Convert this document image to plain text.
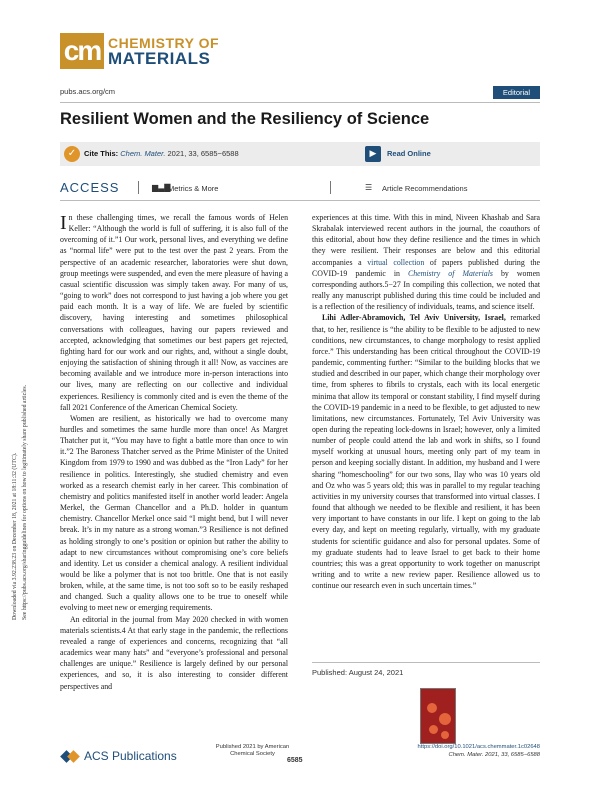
cm CHEMISTRY OF
MATERIALS
pubs.acs.org/cm	Editorial
Resilient Women and the Resiliency of Science
✓	Cite This: Chem. Mater. 2021, 33, 6585−6588	▶	Read Online
ACCESS	▆▃▇
Metrics & More	☰ Article Recommendations
Downloaded via 3.92.238.23 on December 18, 2021 at 18:11:32 (UTC). See https://pubs.acs.org/sharingguidelines for options on how to legitimately share published articles.

In these challenging times, we recall the famous words of Helen Keller: “Although the world is full of suffering, it is also full of the overcoming of it.”1 Our work, personal lives, and everything we define as “normal life” were put to the test over the past 2 years. From the perspective of an academic researcher, laboratories were shut down, group meetings were suspended, and even the mere pleasure of having a casual scientific discussion was simply taken away. For many of us, “going to work” does not correspond to just having a job where you get paid each month. It is a way of life. We are fueled by scientific discovery, having interesting and sometimes philosophical conversations with colleagues, having our papers reviewed and accepted, acknowledging that sometimes our best papers get rejected, fighting hard for our work and our rights, and, without a single doubt, enjoying the satisfaction of shining through it all! Now, as vaccines are becoming available and we introduce more in-person interactions into our lives, many are reflecting on our collective and individual experiences. Resiliency is commonly cited and is even the theme of the fall 2021 Conference of the American Chemical Society.

Women are resilient, as historically we had to overcome many hurdles and sometimes the same hurdle more than once! As Margret Thatcher put it, “You may have to fight a battle more than once to win it.”2 The Baroness Thatcher served as the Prime Minister of the United Kingdom from 1979 to 1990 and was dubbed as the “Iron Lady” for her resilience in politics. Interestingly, she studied chemistry and even worked as a research chemist early in her career. This combination of chemistry and politics manifested itself in another world leader: Angela Merkel, the German Chancellor and a Ph.D. holder in quantum chemistry. Chancellor Merkel once said “I might bend, but I will never break. It’s in my nature as a strong woman.”3 Resilience is not defined as holding strongly to one’s position or opinion but rather the ability to adapt to new circumstances without compromising one’s core beliefs and identity. Let us consider a chemical analogy. A resilient individual would be like a polymer that is not too brittle. One that is not easily broken, while, at the same time, is not too soft so to be easily reshaped and changed. Such a quality allows one to be true to oneself while evolving to meet new or emerging requirements.

An editorial in the journal from May 2020 checked in with women materials scientists.4 At that early stage in the pandemic, the reflections revealed a range of experiences and concerns, recognizing that “all academics wear many hats” and “everyone’s professional and personal challenges are unique.” Resilience is largely defined by our personal experiences, and so, it is also interesting to consider different perspectives and

experiences at this time. With this in mind, Niveen Khashab and Sara Skrabalak interviewed recent authors in the journal, the coauthors of this editorial, about how they define resilience and the times in which they were resilient. Their responses are below and this editorial accompanies a virtual collection of papers published during the COVID-19 pandemic in Chemistry of Materials by women corresponding authors.5−27 In compiling this collection, we noted that really any manuscript published during this time could be included and is a reflection of the resiliency of individuals, teams, and science itself.

Lihi Adler-Abramovich, Tel Aviv University, Israel, remarked that, to her, resilience is “the ability to be flexible to be adjusted to new conditions, new circumstances, to change morphology to resist applied force.” This understanding has been critical throughout the COVID-19 pandemic, commenting further: “Similar to the building blocks that we studied and described in our paper, which change their morphology over time, from spheres to fibrils to crystals, each with its local energetic minima that allow its temporal or constant stability, I find myself during the COVID-19 pandemic in a need to be flexible, to get adjusted to new limitations, new circumstances. Fortunately, Tel Aviv University was open during the repeating lock-downs in Israel; however, only a limited number of people could attend the lab and work in shifts, so I found myself working at unusual hours, meeting only part of my team in person and keeping socially distant. In addition, my husband and I were sharing “homeschooling” for our two sons, Ilay who was 10 years old and Oz who was 5 years old; this was in parallel to my regular teaching activities in my university courses that transformed into virtual classes. I found that although we needed to be flexible and resilient, it has been very important to have constants in our life. I kept on going to the lab every day, and kept on meeting regularly, virtually, with my graduate students for scientific guidance and also for personal updates. Some of my graduate students had to leave Israel to get back to their home countries; this was a great opportunity to work together on manuscript writing and to write a new review paper. Resilience allowed us to continue our research even in such uncertain times.”

Published: August 24, 2021
ACS Publications
Published 2021 by American Chemical Society
6585
https://doi.org/10.1021/acs.chemmater.1c02648
Chem. Mater. 2021, 33, 6585−6588
